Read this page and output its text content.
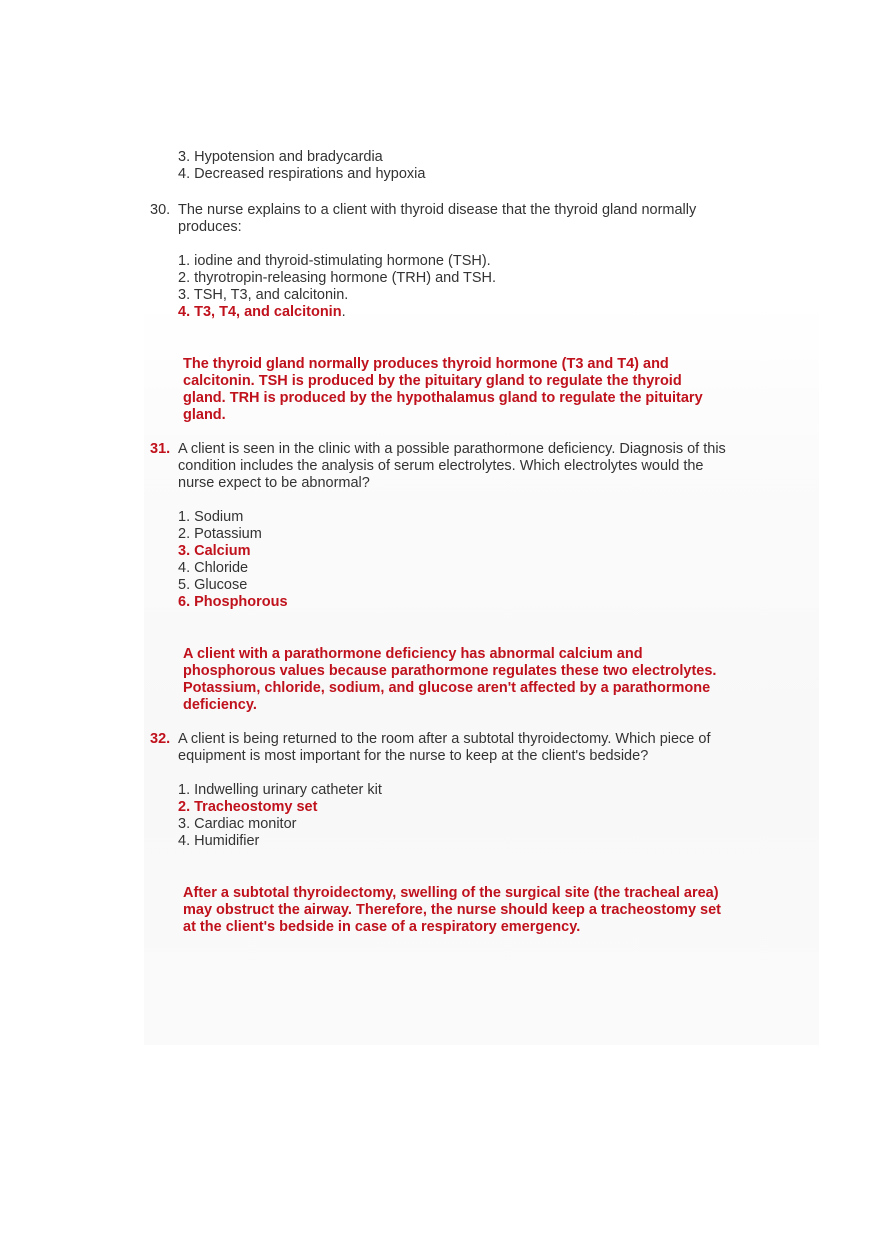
3. Hypotension and bradycardia
4. Decreased respirations and hypoxia
30. The nurse explains to a client with thyroid disease that the thyroid gland normally produces:
1. iodine and thyroid-stimulating hormone (TSH).
2. thyrotropin-releasing hormone (TRH) and TSH.
3. TSH, T3, and calcitonin.
4. T3, T4, and calcitonin.
The thyroid gland normally produces thyroid hormone (T3 and T4) and calcitonin. TSH is produced by the pituitary gland to regulate the thyroid gland. TRH is produced by the hypothalamus gland to regulate the pituitary gland.
31. A client is seen in the clinic with a possible parathormone deficiency. Diagnosis of this condition includes the analysis of serum electrolytes. Which electrolytes would the nurse expect to be abnormal?
1. Sodium
2. Potassium
3. Calcium
4. Chloride
5. Glucose
6. Phosphorous
A client with a parathormone deficiency has abnormal calcium and phosphorous values because parathormone regulates these two electrolytes. Potassium, chloride, sodium, and glucose aren't affected by a parathormone deficiency.
32. A client is being returned to the room after a subtotal thyroidectomy. Which piece of equipment is most important for the nurse to keep at the client's bedside?
1. Indwelling urinary catheter kit
2. Tracheostomy set
3. Cardiac monitor
4. Humidifier
After a subtotal thyroidectomy, swelling of the surgical site (the tracheal area) may obstruct the airway. Therefore, the nurse should keep a tracheostomy set at the client's bedside in case of a respiratory emergency.
